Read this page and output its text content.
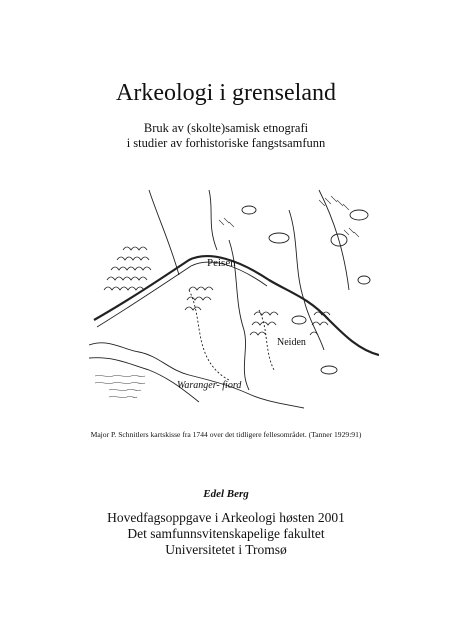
Arkeologi i grenseland
Bruk av (skolte)samisk etnografi
i studier av forhistoriske fangstsamfunn
Peisen
Neiden
Waranger- fiord
Major P. Schnitlers kartskisse fra 1744 over det tidligere fellesområdet. (Tanner 1929:91)
Edel Berg
Hovedfagsoppgave i Arkeologi høsten 2001
Det samfunnsvitenskapelige fakultet
Universitetet i Tromsø
